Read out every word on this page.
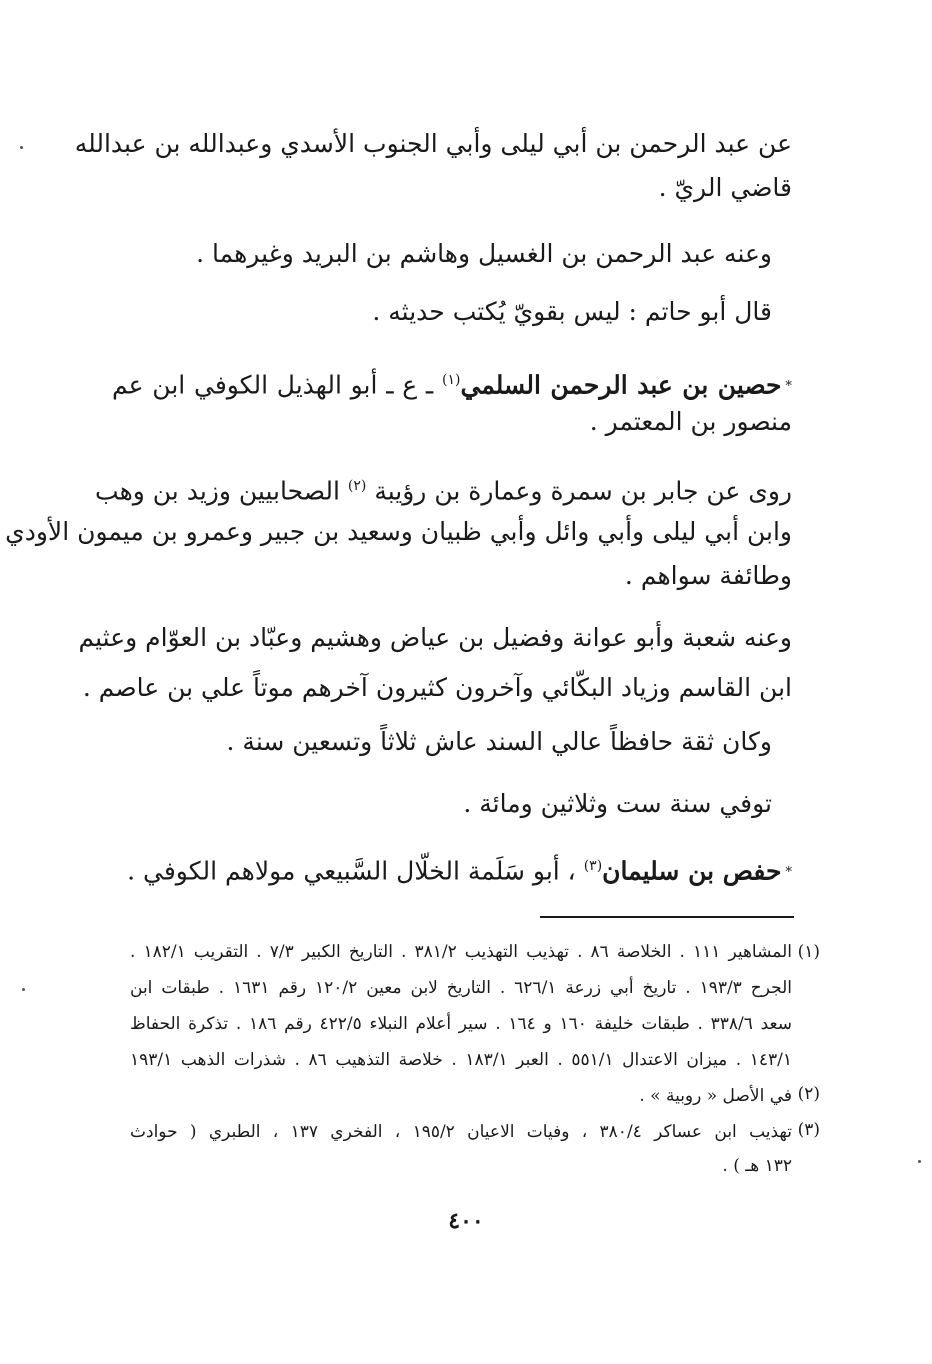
عن عبد الرحمن بن أبي ليلى وأبي الجنوب الأسدي وعبدالله بن عبدالله
قاضي الريّ .
وعنه عبد الرحمن بن الغسيل وهاشم بن البريد وغيرهما .
قال أبو حاتم : ليس بقويّ يُكتب حديثه .
*حصين بن عبد الرحمن السلمي$^{(١)}$ ـ ع ـ أبو الهذيل الكوفي ابن عم
منصور بن المعتمر .
روى عن جابر بن سمرة وعمارة بن رؤيبة $^{(٢)}$ الصحابيين وزيد بن وهب
وابن أبي ليلى وأبي وائل وأبي ظبيان وسعيد بن جبير وعمرو بن ميمون الأودي
وطائفة سواهم .
وعنه شعبة وأبو عوانة وفضيل بن عياض وهشيم وعبّاد بن العوّام وعثيم
ابن القاسم وزياد البكّائي وآخرون كثيرون آخرهم موتاً علي بن عاصم .
وكان ثقة حافظاً عالي السند عاش ثلاثاً وتسعين سنة .
توفي سنة ست وثلاثين ومائة .
*حفص بن سليمان$^{(٣)}$ ، أبو سَلَمة الخلّال السَّبيعي مولاهم الكوفي .
(١)
المشاهير ١١١ . الخلاصة ٨٦ . تهذيب التهذيب ٣٨١/٢ . التاريخ الكبير ٧/٣ . التقريب ١٨٢/١ .
الجرح ١٩٣/٣ . تاريخ أبي زرعة ٦٢٦/١ . التاريخ لابن معين ١٢٠/٢ رقم ١٦٣١ . طبقات ابن
سعد ٣٣٨/٦ . طبقات خليفة ١٦٠ و ١٦٤ . سير أعلام النبلاء ٤٢٢/٥ رقم ١٨٦ . تذكرة الحفاظ
١٤٣/١ . ميزان الاعتدال ٥٥١/١ . العبر ١٨٣/١ . خلاصة التذهيب ٨٦ . شذرات الذهب ١٩٣/١
(٢)
في الأصل « روبية » .
(٣)
تهذيب ابن عساكر ٣٨٠/٤ ، وفيات الاعيان ١٩٥/٢ ، الفخري ١٣٧ ، الطبري ( حوادث
١٣٢ هـ ) .
٤٠٠
